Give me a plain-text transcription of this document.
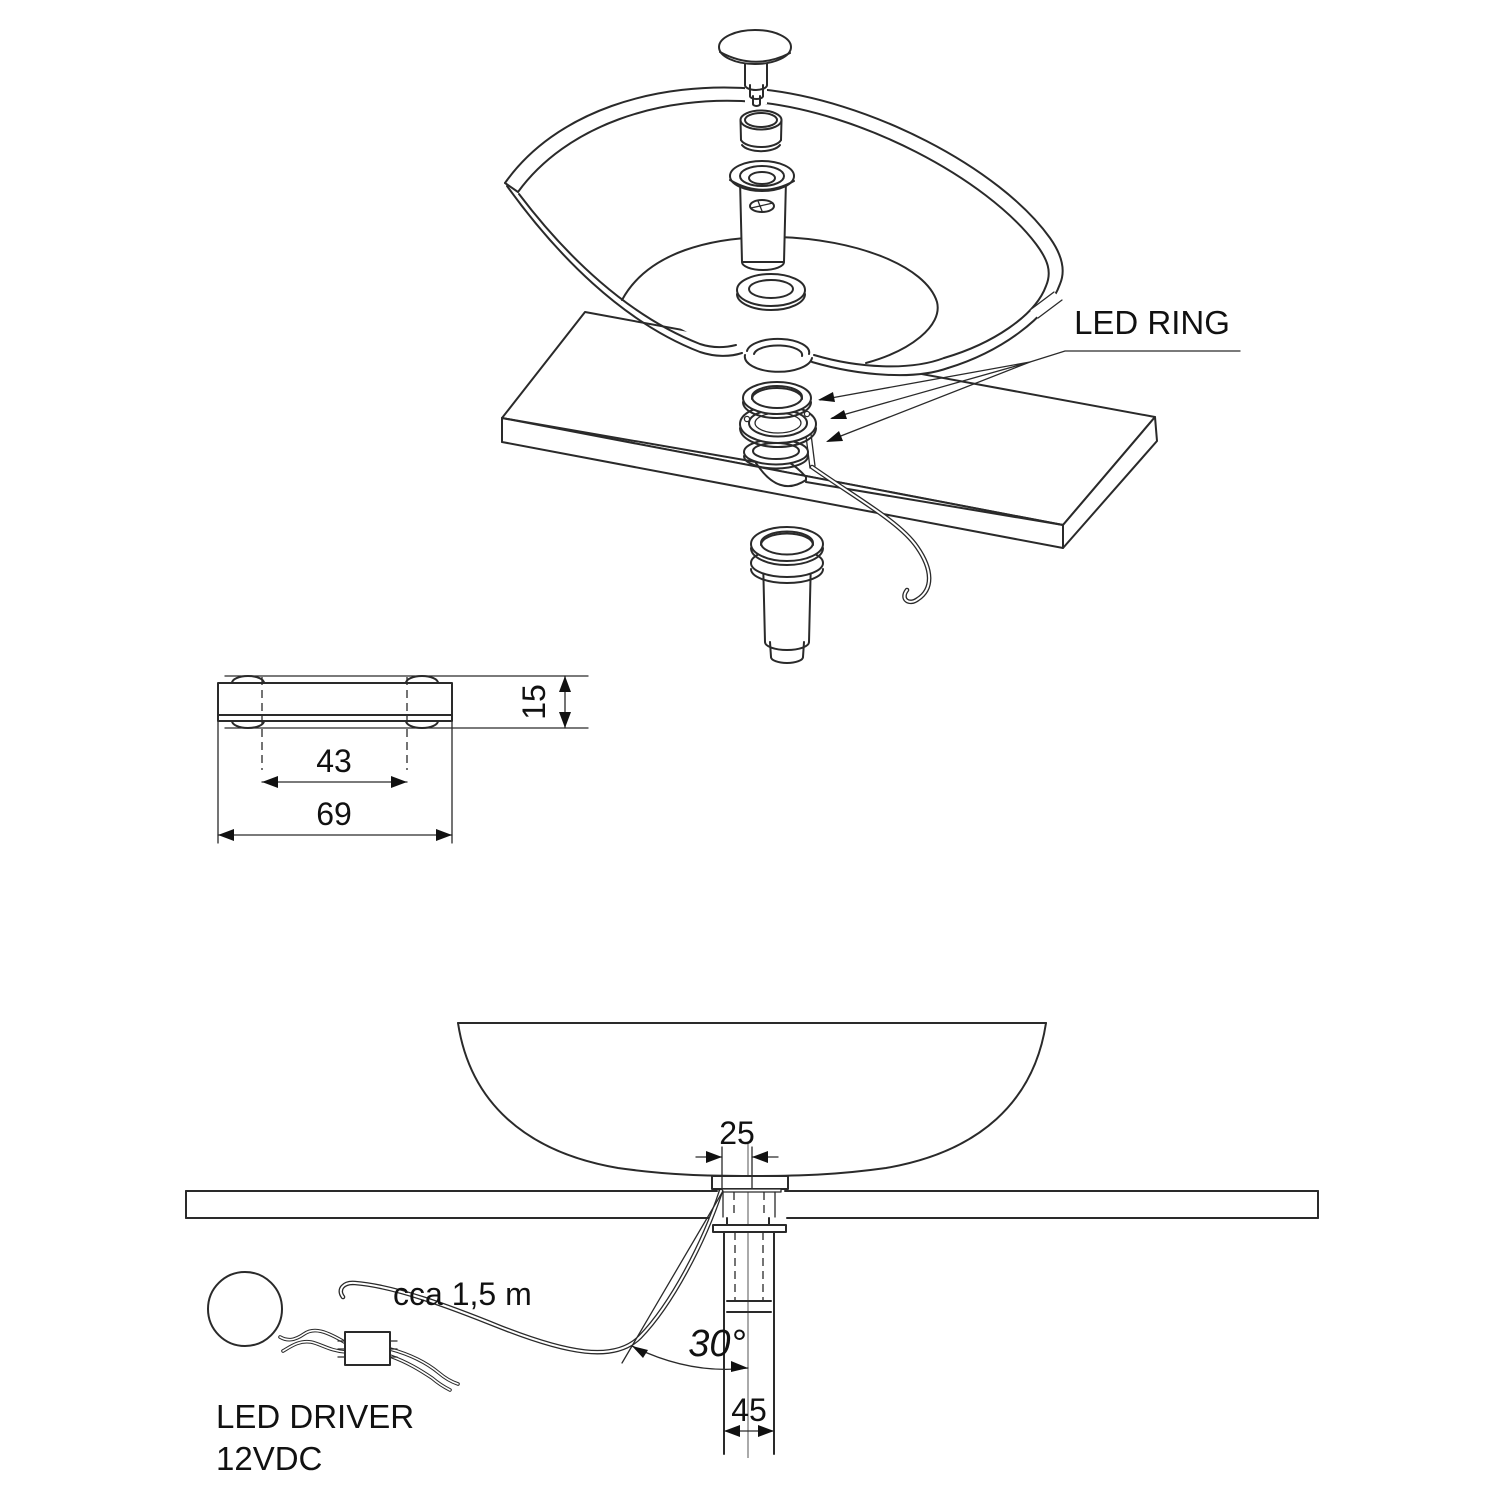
LED RING
43
69
15
25
45
30°
cca 1,5 m
LED DRIVER
12VDC
